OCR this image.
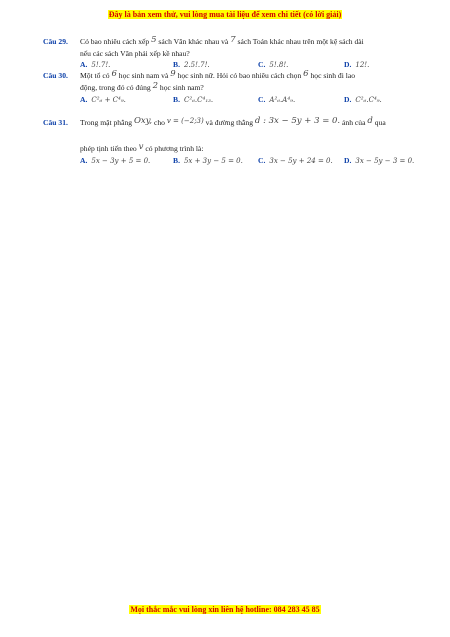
Đây là bản xem thử, vui lòng mua tài liệu để xem chi tiết (có lời giải)
Câu 29. Có bao nhiêu cách xếp 5 sách Văn khác nhau và 7 sách Toán khác nhau trên một kệ sách dài
nếu các sách Văn phải xếp kề nhau?
A. 5!.7!.	B. 2.5!.7!.	C. 5!.8!.	D. 12!.
Câu 30. Một tổ có 6 học sinh nam và 9 học sinh nữ. Hỏi có bao nhiêu cách chọn 6 học sinh đi lao
động, trong đó có đúng 2 học sinh nam?
A. C²₆ + C⁴₉.	B. C²₆.C⁴₁₃.	C. A²₆.A⁴₉.	D. C²₆.C⁴₉.
Câu 31. Trong mặt phẳng Oxy, cho v = (−2;3) và đường thẳng d : 3x − 5y + 3 = 0. ảnh của d qua

phép tịnh tiến theo v có phương trình là:
A. 5x − 3y + 5 = 0.	B. 5x + 3y − 5 = 0. C. 3x − 5y + 24 = 0. D. 3x − 5y − 3 = 0.
Mọi thắc mắc vui lòng xin liên hệ hotline: 084 283 45 85
